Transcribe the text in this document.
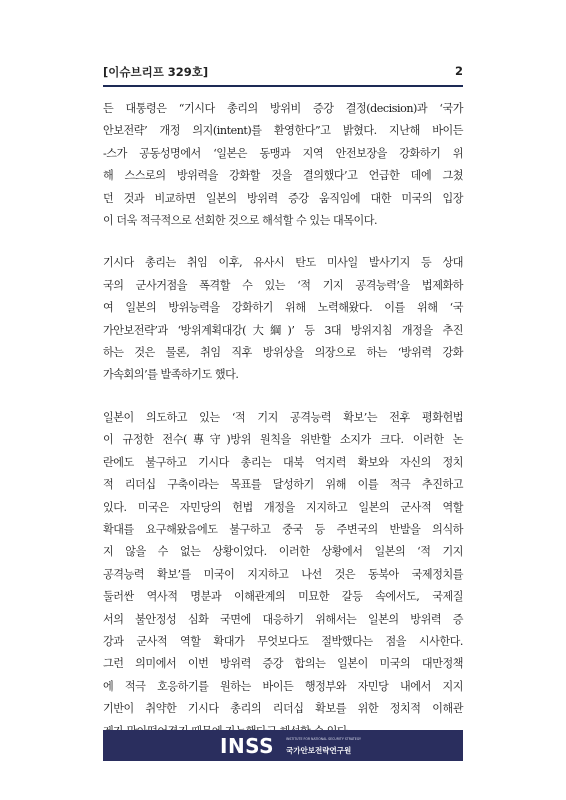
[이슈브리프 329호]	2
든 대통령은 “기시다 총리의 방위비 증강 결정(decision)과 ‘국가
안보전략’ 개정 의지(intent)를 환영한다”고 밝혔다. 지난해 바이든
-스가 공동성명에서 ‘일본은 동맹과 지역 안전보장을 강화하기 위
해 스스로의 방위력을 강화할 것을 결의했다’고 언급한 데에 그쳤
던 것과 비교하면 일본의 방위력 증강 움직임에 대한 미국의 입장
이 더욱 적극적으로 선회한 것으로 해석할 수 있는 대목이다.
기시다 총리는 취임 이후, 유사시 탄도 미사일 발사기지 등 상대
국의 군사거점을 폭격할 수 있는 ‘적 기지 공격능력’을 법제화하
여 일본의 방위능력을 강화하기 위해 노력해왔다. 이를 위해 ‘국
가안보전략’과 ‘방위계획대강(大綱)’ 등 3대 방위지침 개정을 추진
하는 것은 물론, 취임 직후 방위상을 의장으로 하는 ‘방위력 강화
가속회의’를 발족하기도 했다.
일본이 의도하고 있는 ‘적 기지 공격능력 확보’는 전후 평화헌법
이 규정한 전수(專守)방위 원칙을 위반할 소지가 크다. 이러한 논
란에도 불구하고 기시다 총리는 대북 억지력 확보와 자신의 정치
적 리더십 구축이라는 목표를 달성하기 위해 이를 적극 추진하고
있다. 미국은 자민당의 헌법 개정을 지지하고 일본의 군사적 역할
확대를 요구해왔음에도 불구하고 중국 등 주변국의 반발을 의식하
지 않을 수 없는 상황이었다. 이러한 상황에서 일본의 ‘적 기지
공격능력 확보’를 미국이 지지하고 나선 것은 동북아 국제정치를
둘러싼 역사적 명분과 이해관계의 미묘한 갈등 속에서도, 국제질
서의 불안정성 심화 국면에 대응하기 위해서는 일본의 방위력 증
강과 군사적 역할 확대가 무엇보다도 절박했다는 점을 시사한다.
그런 의미에서 이번 방위력 증강 합의는 일본이 미국의 대만정책
에 적극 호응하기를 원하는 바이든 행정부와 자민당 내에서 지지
기반이 취약한 기시다 총리의 리더십 확보를 위한 정치적 이해관
INSS	INSTITUTE FOR NATIONAL SECURITY STRATEGY
국가안보전략연구원
